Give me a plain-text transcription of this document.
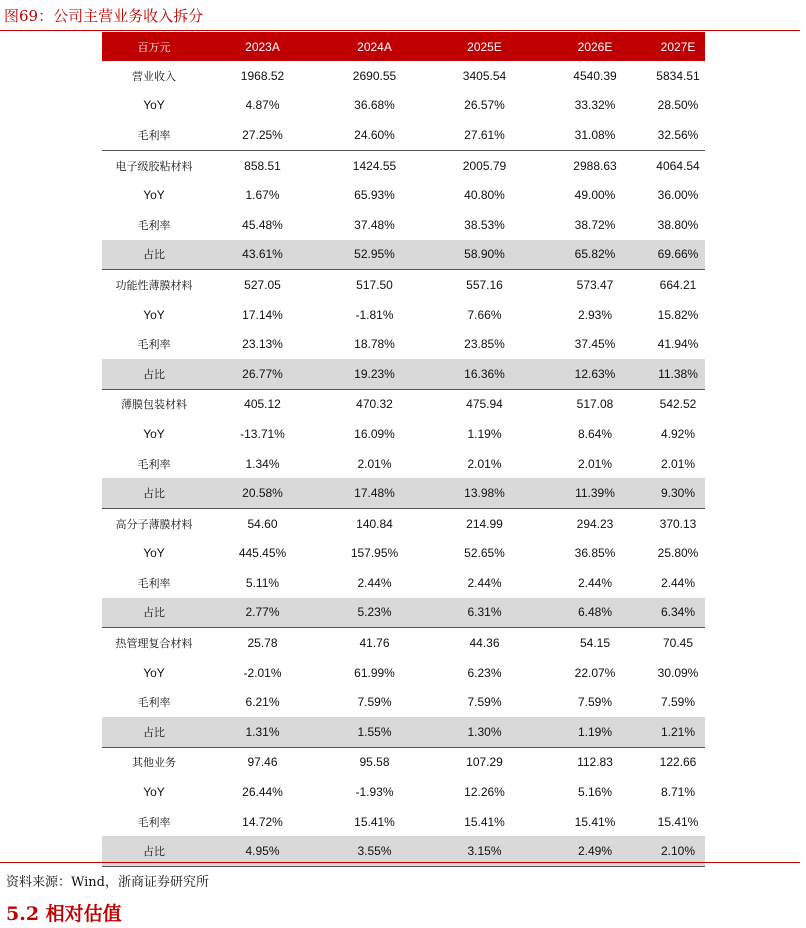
图69：公司主营业务收入拆分
百万元	2023A	2024A	2025E	2026E	2027E
营业收入	1968.52	2690.55	3405.54	4540.39	5834.51
YoY	4.87%	36.68%	26.57%	33.32%	28.50%
毛利率	27.25%	24.60%	27.61%	31.08%	32.56%
电子级胶粘材料	858.51	1424.55	2005.79	2988.63	4064.54
YoY	1.67%	65.93%	40.80%	49.00%	36.00%
毛利率	45.48%	37.48%	38.53%	38.72%	38.80%
占比	43.61%	52.95%	58.90%	65.82%	69.66%
功能性薄膜材料	527.05	517.50	557.16	573.47	664.21
YoY	17.14%	-1.81%	7.66%	2.93%	15.82%
毛利率	23.13%	18.78%	23.85%	37.45%	41.94%
占比	26.77%	19.23%	16.36%	12.63%	11.38%
薄膜包装材料	405.12	470.32	475.94	517.08	542.52
YoY	-13.71%	16.09%	1.19%	8.64%	4.92%
毛利率	1.34%	2.01%	2.01%	2.01%	2.01%
占比	20.58%	17.48%	13.98%	11.39%	9.30%
高分子薄膜材料	54.60	140.84	214.99	294.23	370.13
YoY	445.45%	157.95%	52.65%	36.85%	25.80%
毛利率	5.11%	2.44%	2.44%	2.44%	2.44%
占比	2.77%	5.23%	6.31%	6.48%	6.34%
热管理复合材料	25.78	41.76	44.36	54.15	70.45
YoY	-2.01%	61.99%	6.23%	22.07%	30.09%
毛利率	6.21%	7.59%	7.59%	7.59%	7.59%
占比	1.31%	1.55%	1.30%	1.19%	1.21%
其他业务	97.46	95.58	107.29	112.83	122.66
YoY	26.44%	-1.93%	12.26%	5.16%	8.71%
毛利率	14.72%	15.41%	15.41%	15.41%	15.41%
占比	4.95%	3.55%	3.15%	2.49%	2.10%
资料来源：Wind，浙商证券研究所
5.2 相对估值
